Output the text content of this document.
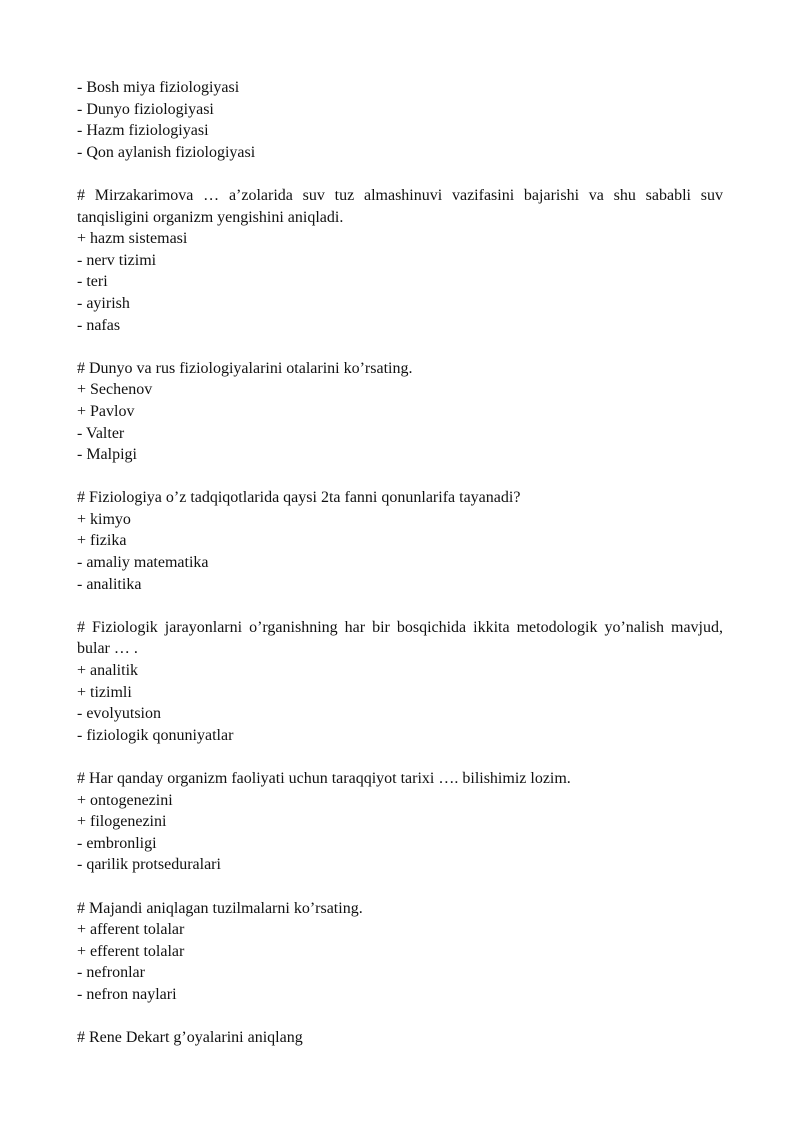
- Bosh miya fiziologiyasi
- Dunyo fiziologiyasi
- Hazm fiziologiyasi
- Qon aylanish fiziologiyasi
# Mirzakarimova … a’zolarida suv tuz almashinuvi vazifasini bajarishi va shu sababli suv tanqisligini organizm yengishini aniqladi.
+ hazm sistemasi
- nerv tizimi
- teri
- ayirish
- nafas
# Dunyo va rus fiziologiyalarini otalarini ko’rsating.
+ Sechenov
+ Pavlov
- Valter
- Malpigi
# Fiziologiya o’z tadqiqotlarida qaysi 2ta fanni qonunlarifa tayanadi?
+ kimyo
+ fizika
- amaliy matematika
- analitika
# Fiziologik jarayonlarni o’rganishning har bir bosqichida ikkita metodologik yo’nalish mavjud, bular … .
+ analitik
+ tizimli
- evolyutsion
- fiziologik qonuniyatlar
# Har qanday organizm faoliyati uchun taraqqiyot tarixi …. bilishimiz lozim.
+ ontogenezini
+ filogenezini
- embronligi
- qarilik protseduralari
# Majandi aniqlagan tuzilmalarni ko’rsating.
+ afferent tolalar
+ efferent tolalar
- nefronlar
- nefron naylari
# Rene Dekart g’oyalarini aniqlang
